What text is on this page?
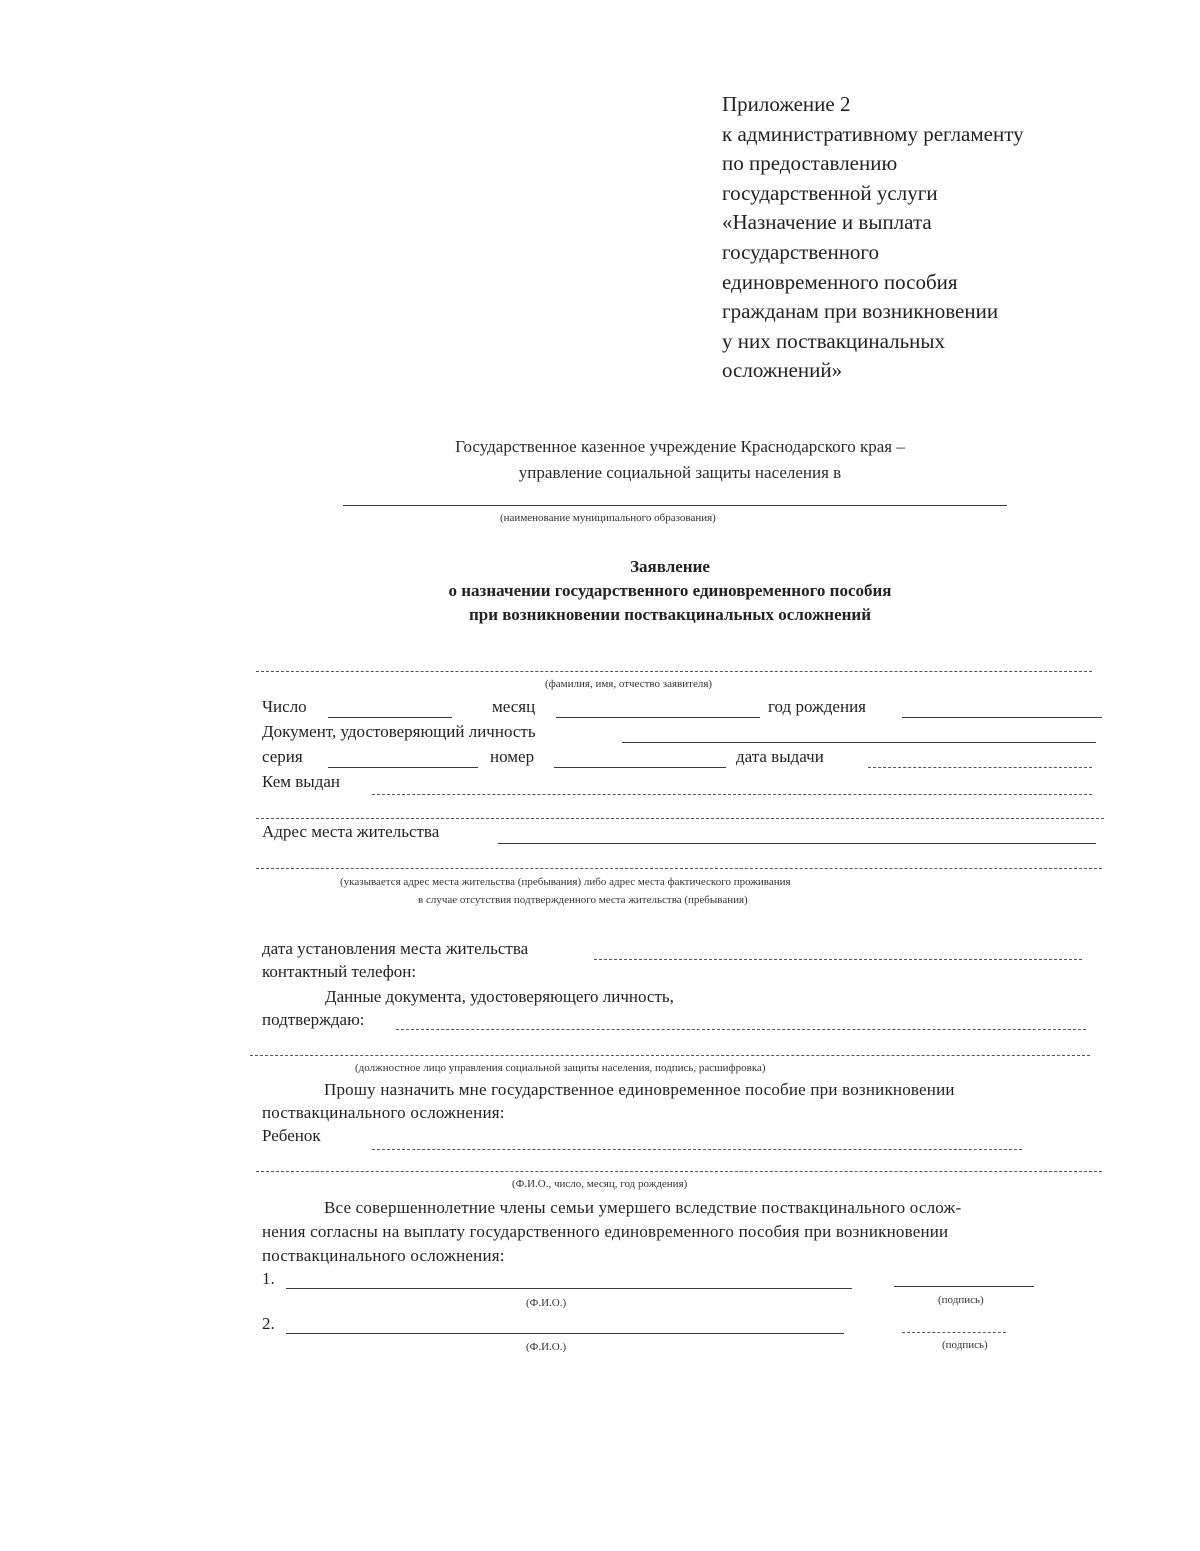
Приложение 2
к административному регламенту
по предоставлению
государственной услуги
«Назначение и выплата
государственного
единовременного пособия
гражданам при возникновении
у них поствакцинальных
осложнений»
Государственное казенное учреждение Краснодарского края –
управление социальной защиты населения в
(наименование муниципального образования)
Заявление
о назначении государственного единовременного пособия
при возникновении поствакцинальных осложнений
(фамилия, имя, отчество заявителя)
Число	месяц	год рождения
Документ, удостоверяющий личность
серия	номер	дата выдачи
Кем выдан
Адрес места жительства
(указывается адрес места жительства (пребывания) либо адрес места фактического проживания
в случае отсутствия подтвержденного места жительства (пребывания)
дата установления места жительства
контактный телефон:
Данные документа, удостоверяющего личность,
подтверждаю:
(должностное лицо управления социальной защиты населения, подпись, расшифровка)
Прошу назначить мне государственное единовременное пособие при возникновении
поствакцинального осложнения:
Ребенок
(Ф.И.О., число, месяц, год рождения)
Все совершеннолетние члены семьи умершего вследствие поствакцинального ослож-
нения согласны на выплату государственного единовременного пособия при возникновении
поствакцинального осложнения:
1.
(Ф.И.О.)	(подпись)
2.
(Ф.И.О.)	(подпись)
